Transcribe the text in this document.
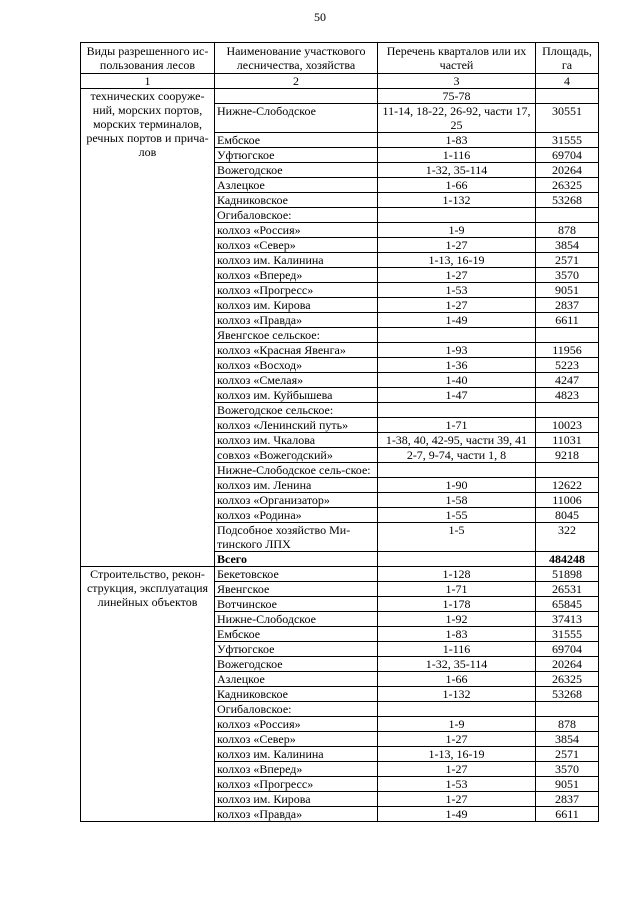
50
Виды разрешенного ис-пользования лесов	Наименование участкового лесничества, хозяйства	Перечень кварталов или их частей	Площадь, га
1	2	3	4
технических сооруже-ний, морских портов, морских терминалов, речных портов и прича-лов		75-78	
	Нижне-Слободское	11-14, 18-22, 26-92, части 17, 25	30551
	Ембское	1-83	31555
	Уфтюгское	1-116	69704
	Вожегодское	1-32, 35-114	20264
	Азлецкое	1-66	26325
	Кадниковское	1-132	53268
	Огибаловское:		
	колхоз «Россия»	1-9	878
	колхоз «Север»	1-27	3854
	колхоз им. Калинина	1-13, 16-19	2571
	колхоз «Вперед»	1-27	3570
	колхоз «Прогресс»	1-53	9051
	колхоз им. Кирова	1-27	2837
	колхоз «Правда»	1-49	6611
	Явенгское сельское:		
	колхоз «Красная Явенга»	1-93	11956
	колхоз «Восход»	1-36	5223
	колхоз «Смелая»	1-40	4247
	колхоз им. Куйбышева	1-47	4823
	Вожегодское сельское:		
	колхоз «Ленинский путь»	1-71	10023
	колхоз им. Чкалова	1-38, 40, 42-95, части 39, 41	11031
	совхоз «Вожегодский»	2-7, 9-74, части 1, 8	9218
	Нижне-Слободское сель-ское:		
	колхоз им. Ленина	1-90	12622
	колхоз «Организатор»	1-58	11006
	колхоз «Родина»	1-55	8045
	Подсобное хозяйство Ми-тинского ЛПХ	1-5	322
	Всего		484248
Строительство, рекон-струкция, эксплуатация линейных объектов	Бекетовское	1-128	51898
	Явенгское	1-71	26531
	Вотчинское	1-178	65845
	Нижне-Слободское	1-92	37413
	Ембское	1-83	31555
	Уфтюгское	1-116	69704
	Вожегодское	1-32, 35-114	20264
	Азлецкое	1-66	26325
	Кадниковское	1-132	53268
	Огибаловское:		
	колхоз «Россия»	1-9	878
	колхоз «Север»	1-27	3854
	колхоз им. Калинина	1-13, 16-19	2571
	колхоз «Вперед»	1-27	3570
	колхоз «Прогресс»	1-53	9051
	колхоз им. Кирова	1-27	2837
	колхоз «Правда»	1-49	6611
